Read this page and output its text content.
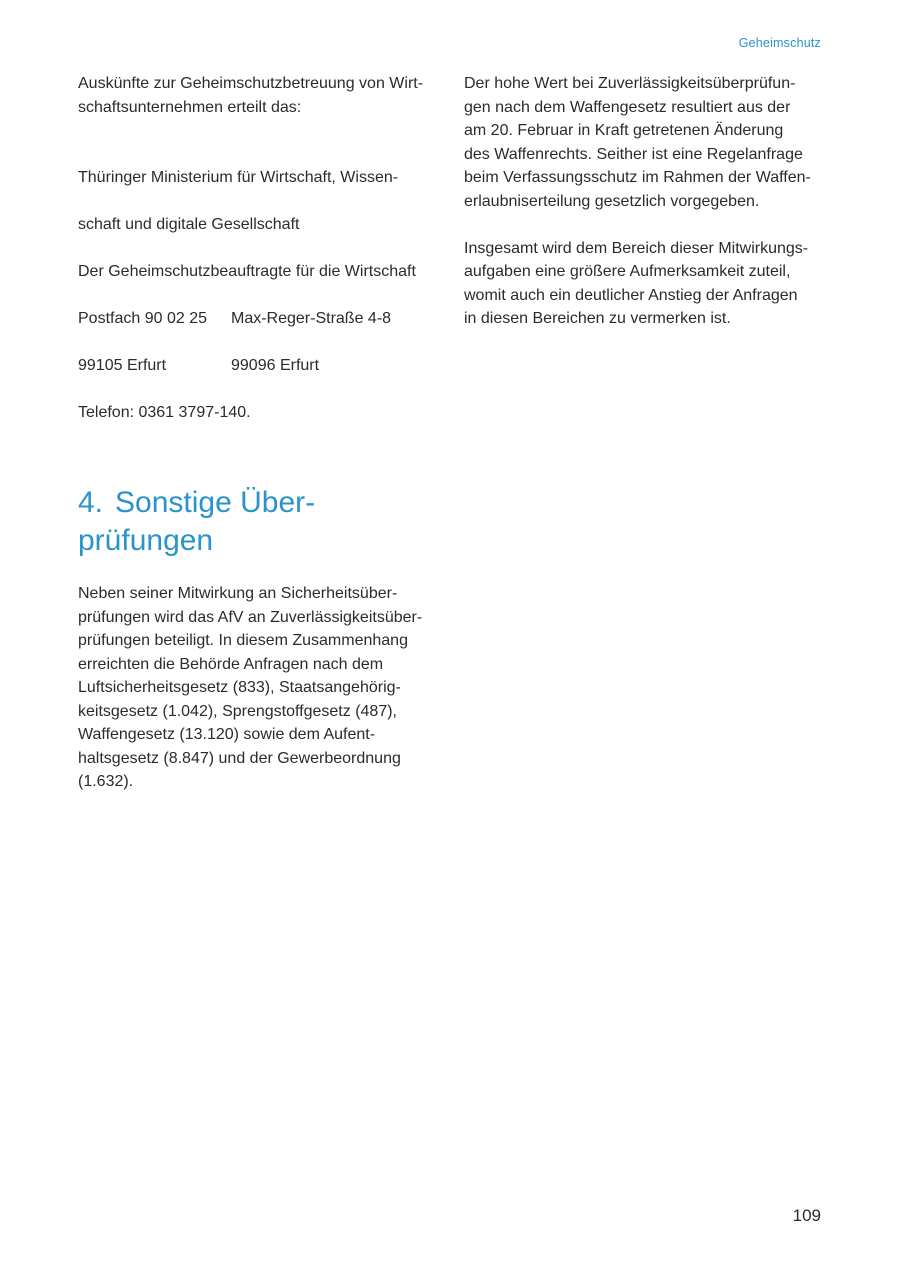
Geheimschutz

Auskünfte zur Geheimschutzbetreuung von Wirt-
schaftsunternehmen erteilt das:

Thüringer Ministerium für Wirtschaft, Wissen-

schaft und digitale Gesellschaft

Der Geheimschutzbeauftragte für die Wirtschaft

Postfach 90 02 25 Max-Reger-Straße 4-8

99105 Erfurt	99096 Erfurt

Telefon: 0361 3797-140.

4. Sonstige Über-
prüfungen

Neben seiner Mitwirkung an Sicherheitsüber-
prüfungen wird das AfV an Zuverlässigkeitsüber-
prüfungen beteiligt. In diesem Zusammenhang
erreichten die Behörde Anfragen nach dem
Luftsicherheitsgesetz (833), Staatsangehörig-
keitsgesetz (1.042), Sprengstoffgesetz (487),
Waffengesetz (13.120) sowie dem Aufent-
haltsgesetz (8.847) und der Gewerbeordnung
(1.632).

Der hohe Wert bei Zuverlässigkeitsüberprüfun-
gen nach dem Waffengesetz resultiert aus der
am 20. Februar in Kraft getretenen Änderung
des Waffenrechts. Seither ist eine Regelanfrage
beim Verfassungsschutz im Rahmen der Waffen-
erlaubniserteilung gesetzlich vorgegeben.

Insgesamt wird dem Bereich dieser Mitwirkungs-
aufgaben eine größere Aufmerksamkeit zuteil,
womit auch ein deutlicher Anstieg der Anfragen
in diesen Bereichen zu vermerken ist.

109
